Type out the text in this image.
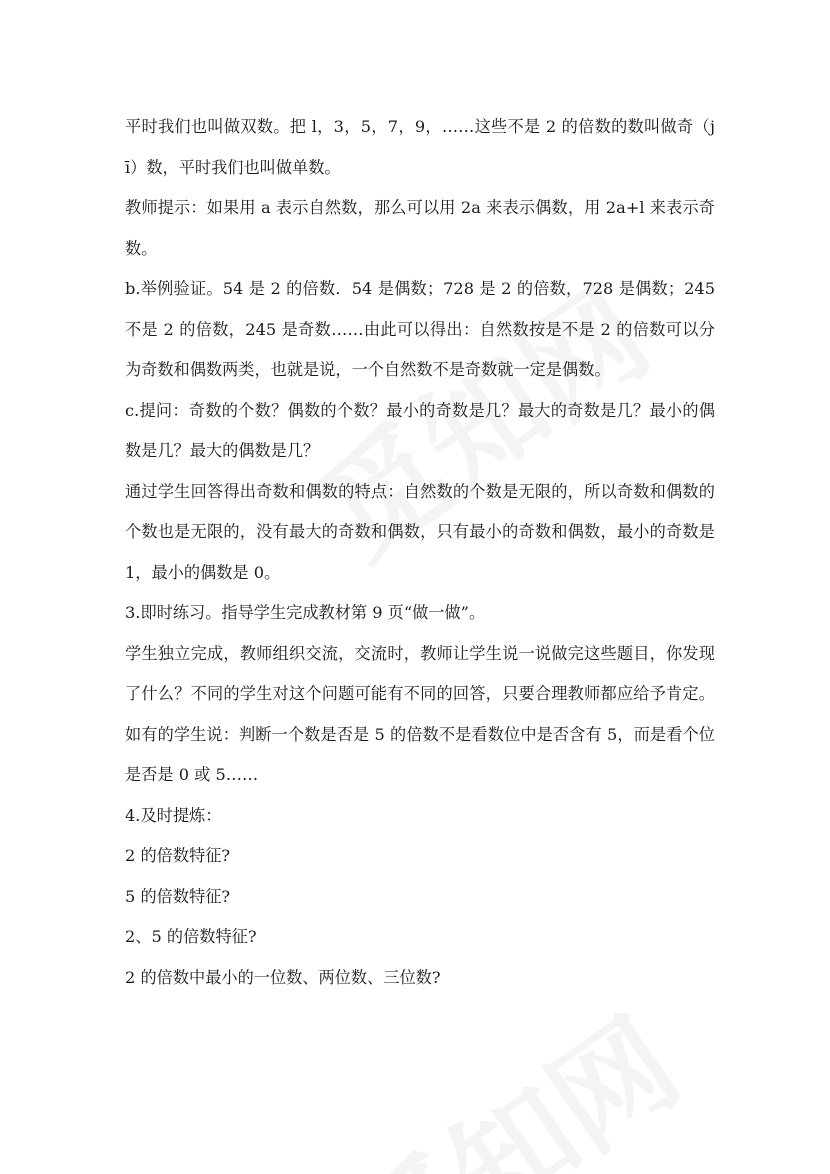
平时我们也叫做双数。把 l，3，5，7，9，……这些不是 2 的倍数的数叫做奇（j ī）数，平时我们也叫做单数。

教师提示：如果用 a 表示自然数，那么可以用 2a 来表示偶数，用 2a+l 来表示奇数。

b.举例验证。54 是 2 的倍数．54 是偶数；728 是 2 的倍数，728 是偶数；245 不是 2 的倍数，245 是奇数……由此可以得出：自然数按是不是 2 的倍数可以分为奇数和偶数两类，也就是说，一个自然数不是奇数就一定是偶数。

c.提问：奇数的个数？偶数的个数？最小的奇数是几？最大的奇数是几？最小的偶数是几？最大的偶数是几？

通过学生回答得出奇数和偶数的特点：自然数的个数是无限的，所以奇数和偶数的个数也是无限的，没有最大的奇数和偶数，只有最小的奇数和偶数，最小的奇数是 1，最小的偶数是 0。

3.即时练习。指导学生完成教材第 9 页“做一做”。

学生独立完成，教师组织交流，交流时，教师让学生说一说做完这些题目，你发现了什么？不同的学生对这个问题可能有不同的回答，只要合理教师都应给予肯定。如有的学生说：判断一个数是否是 5 的倍数不是看数位中是否含有 5，而是看个位是否是 0 或 5……

4.及时提炼：

2 的倍数特征?

5 的倍数特征?

2、5 的倍数特征?

2 的倍数中最小的一位数、两位数、三位数?
